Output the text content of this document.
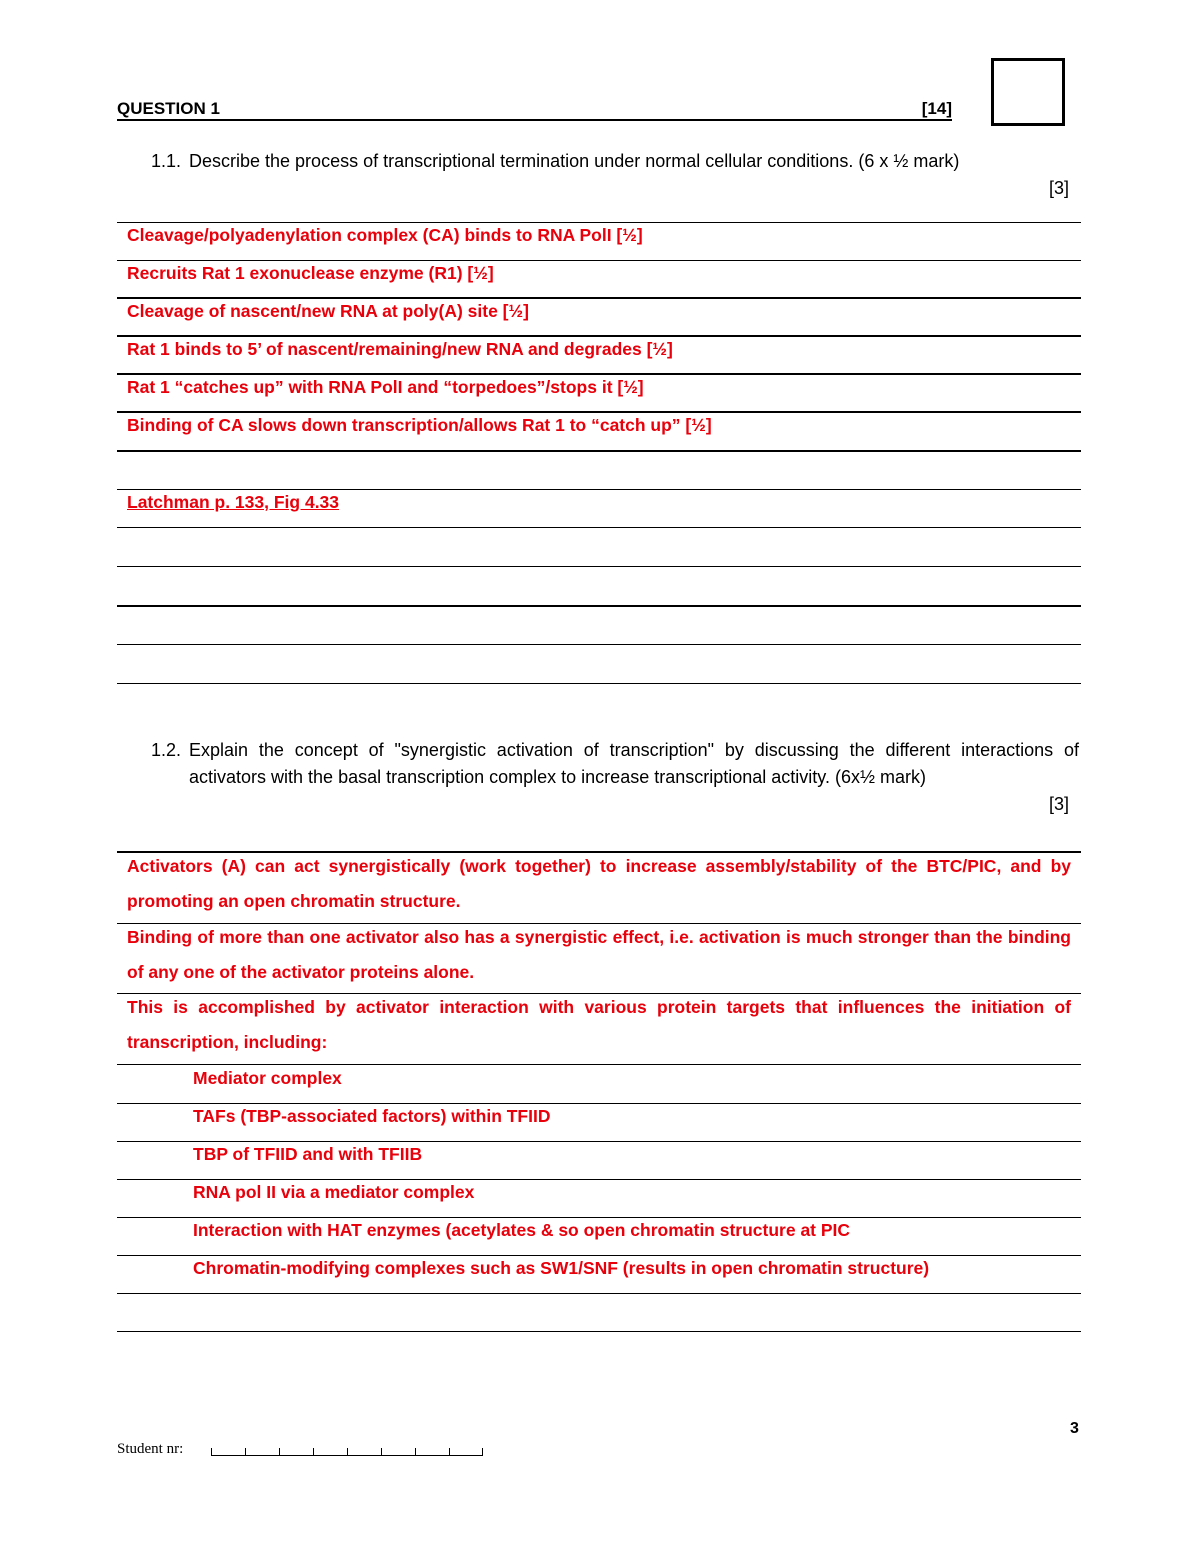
QUESTION 1	[14]
1.1. Describe the process of transcriptional termination under normal cellular conditions. (6 x ½ mark)
[3]
Cleavage/polyadenylation complex (CA) binds to RNA PolI [½]
Recruits Rat 1 exonuclease enzyme (R1) [½]
Cleavage of nascent/new RNA at poly(A) site [½]
Rat 1 binds to 5’ of nascent/remaining/new RNA and degrades [½]
Rat 1 “catches up” with RNA PolI and “torpedoes”/stops it [½]
Binding of CA slows down transcription/allows Rat 1 to “catch up” [½]
Latchman p. 133, Fig 4.33
1.2. Explain the concept of "synergistic activation of transcription" by discussing the different interactions of activators with the basal transcription complex to increase transcriptional activity. (6x½ mark)
[3]
Activators (A) can act synergistically (work together) to increase assembly/stability of the BTC/PIC, and by promoting an open chromatin structure.
Binding of more than one activator also has a synergistic effect, i.e. activation is much stronger than the binding of any one of the activator proteins alone.
This is accomplished by activator interaction with various protein targets that influences the initiation of transcription, including:
Mediator complex
TAFs (TBP-associated factors) within TFIID
TBP of TFIID and with TFIIB
RNA pol II via a mediator complex
Interaction with HAT enzymes (acetylates & so open chromatin structure at PIC
Chromatin-modifying complexes such as SW1/SNF (results in open chromatin structure)
3
Student nr:
